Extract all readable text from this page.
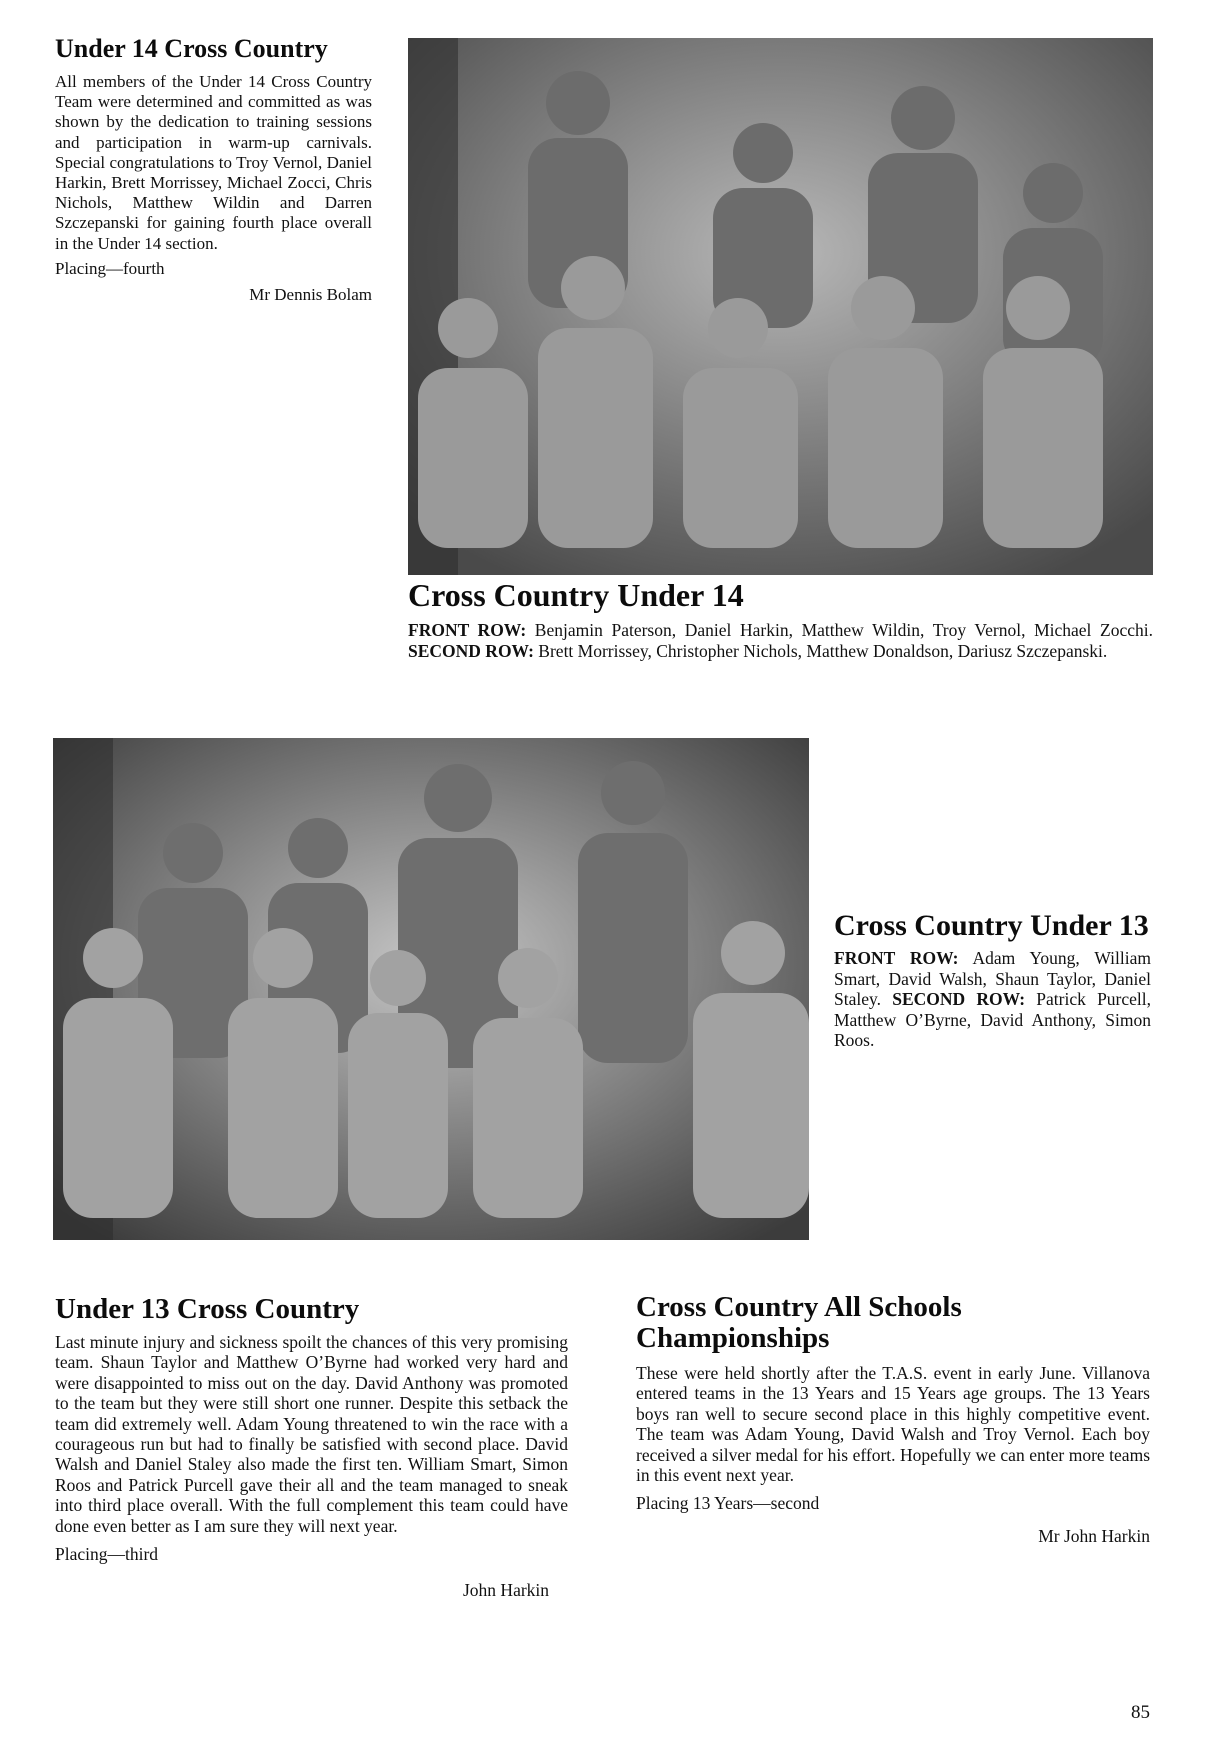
Under 14 Cross Country

All members of the Under 14 Cross Country Team were determined and committed as was shown by the dedication to training sessions and participation in warm-up carnivals. Special congratulations to Troy Vernol, Daniel Harkin, Brett Morrissey, Michael Zocci, Chris Nichols, Matthew Wildin and Darren Szczepanski for gaining fourth place overall in the Under 14 section.

Placing—fourth

Mr Dennis Bolam

Cross Country Under 14

FRONT ROW: Benjamin Paterson, Daniel Harkin, Matthew Wildin, Troy Vernol, Michael Zocchi. SECOND ROW: Brett Morrissey, Christopher Nichols, Matthew Donaldson, Dariusz Szczepanski.

Cross Country Under 13

FRONT ROW: Adam Young, William Smart, David Walsh, Shaun Taylor, Daniel Staley. SECOND ROW: Patrick Purcell, Matthew O’Byrne, David Anthony, Simon Roos.

Under 13 Cross Country

Last minute injury and sickness spoilt the chances of this very promising team. Shaun Taylor and Matthew O’Byrne had worked very hard and were disappointed to miss out on the day. David Anthony was promoted to the team but they were still short one runner. Despite this setback the team did extremely well. Adam Young threatened to win the race with a courageous run but had to finally be satisfied with second place. David Walsh and Daniel Staley also made the first ten. William Smart, Simon Roos and Patrick Purcell gave their all and the team managed to sneak into third place overall. With the full complement this team could have done even better as I am sure they will next year.

Placing—third

John Harkin

Cross Country All Schools Championships

These were held shortly after the T.A.S. event in early June. Villanova entered teams in the 13 Years and 15 Years age groups. The 13 Years boys ran well to secure second place in this highly competitive event. The team was Adam Young, David Walsh and Troy Vernol. Each boy received a silver medal for his effort. Hopefully we can enter more teams in this event next year.

Placing 13 Years—second

Mr John Harkin

85
